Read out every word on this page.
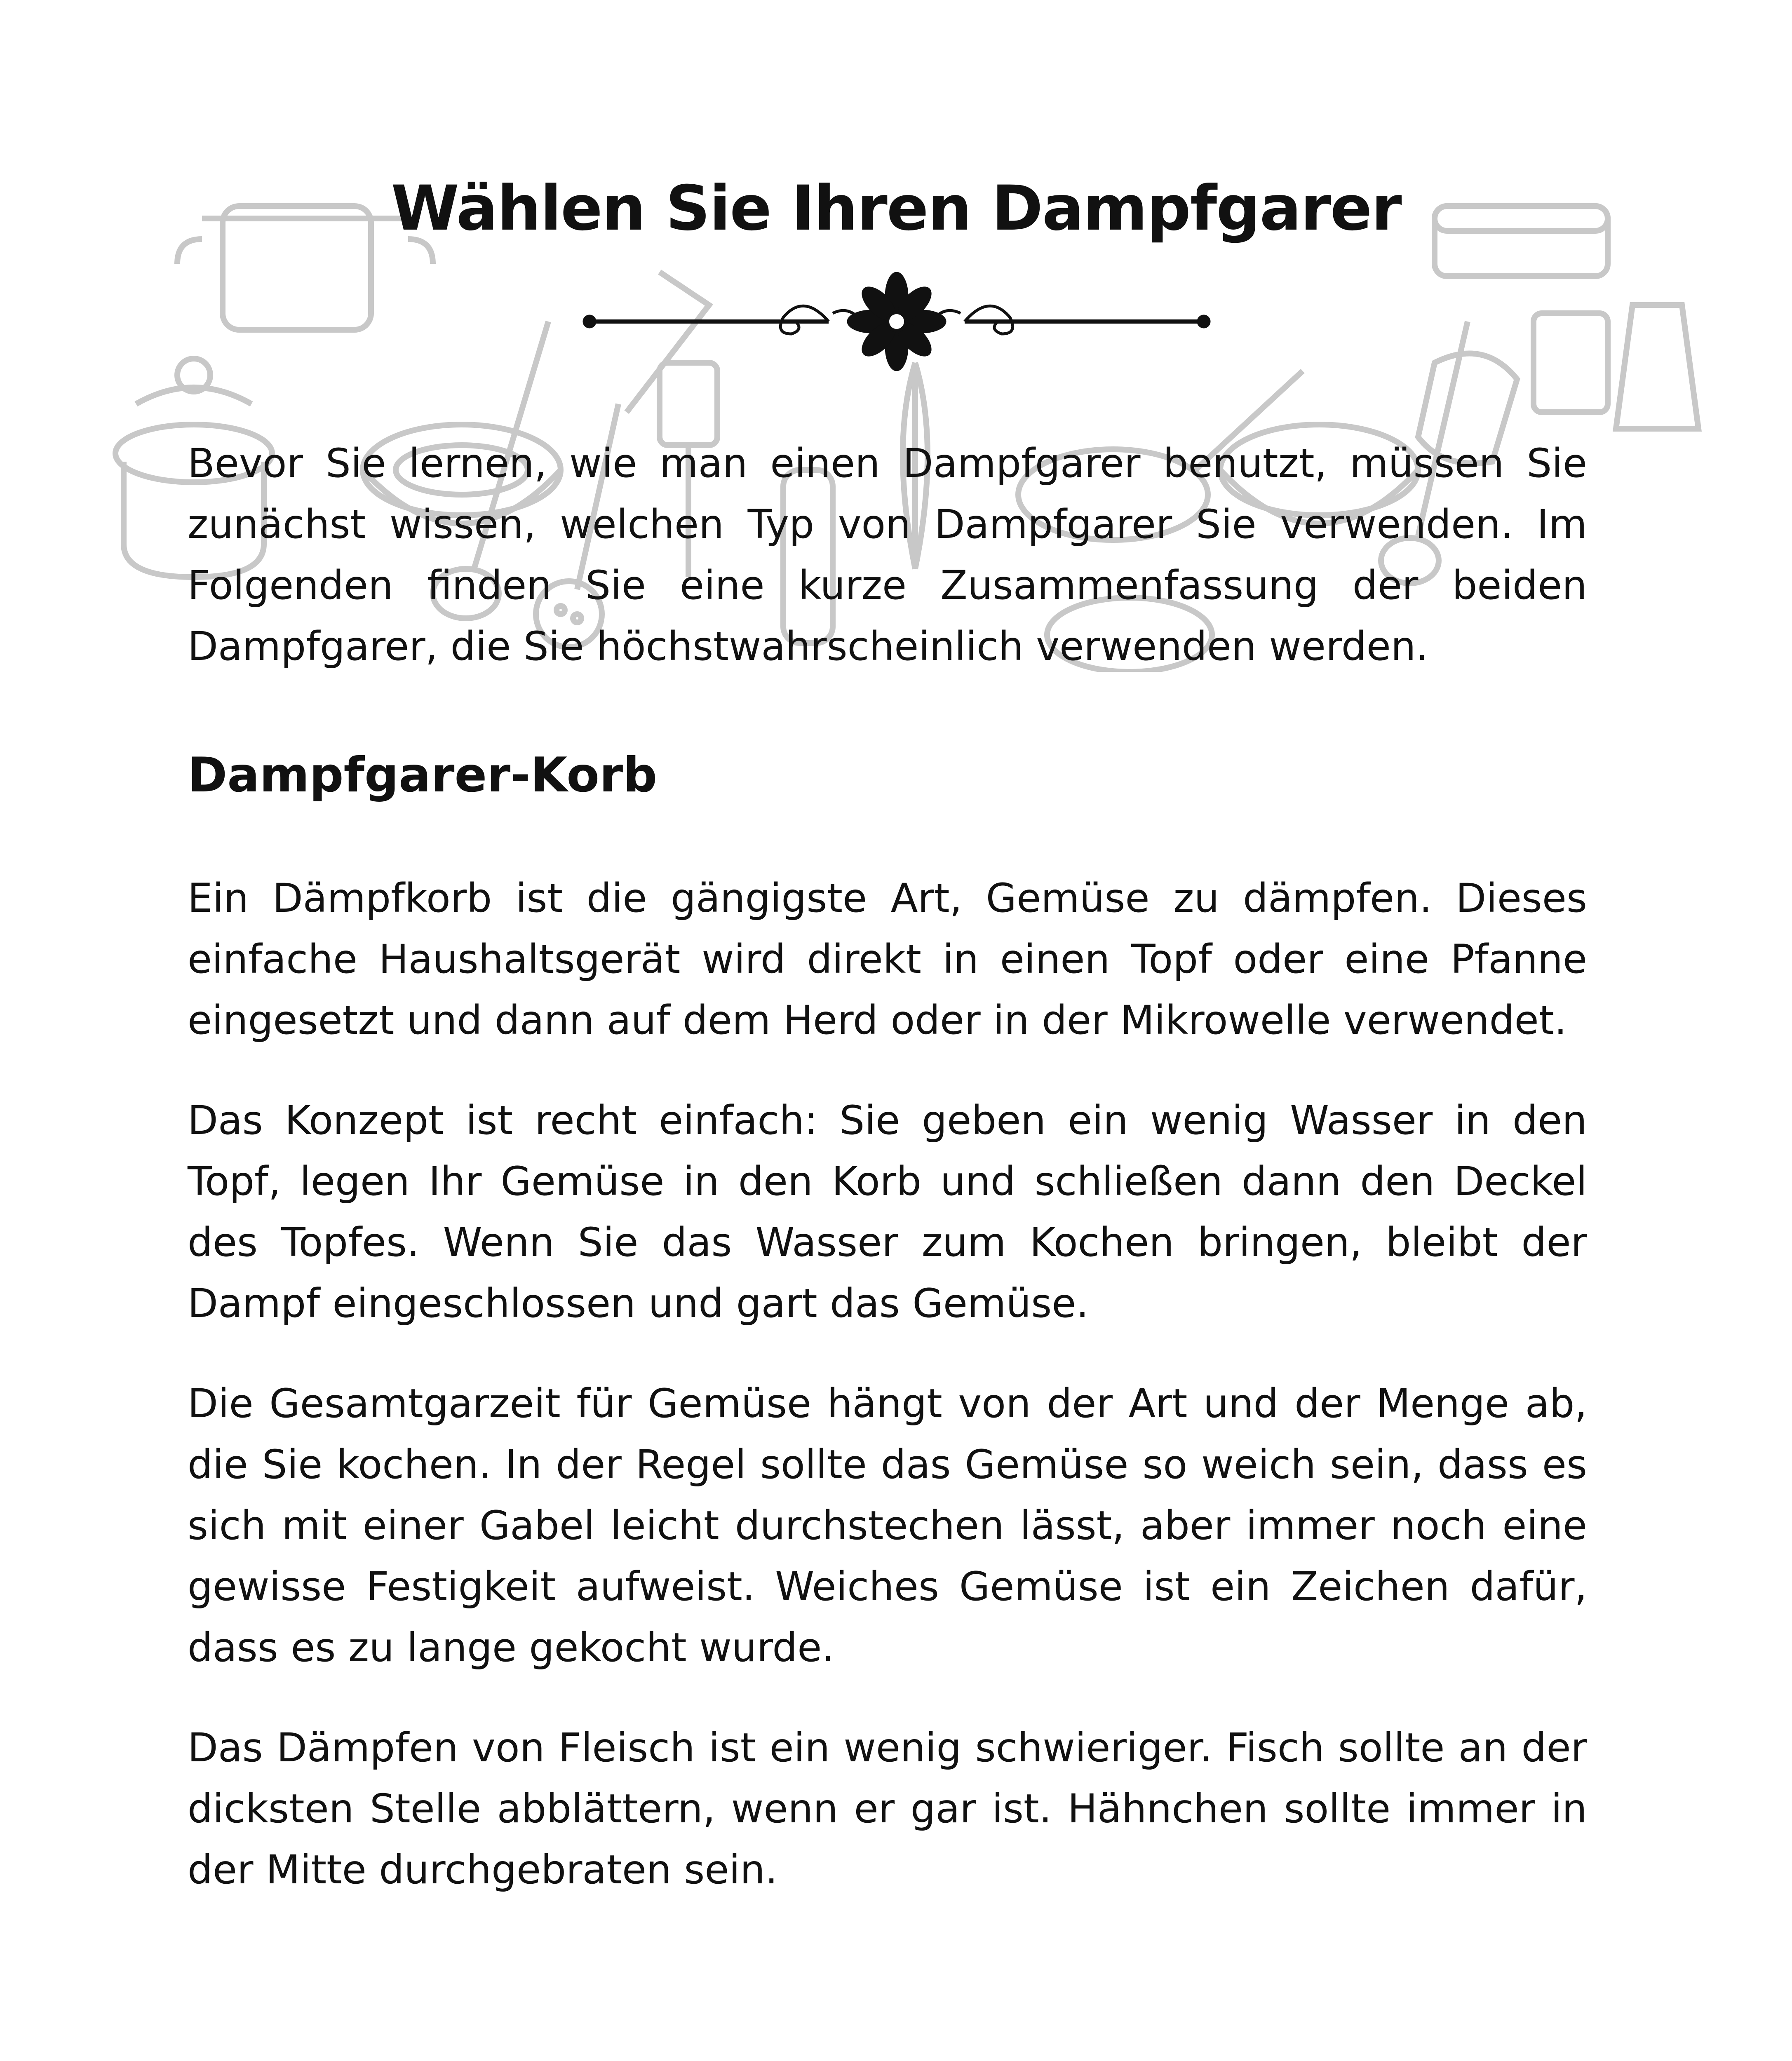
Wählen Sie Ihren Dampfgarer

Bevor Sie lernen, wie man einen Dampfgarer benutzt, müssen Sie zunächst wissen, welchen Typ von Dampfgarer Sie verwenden. Im Folgenden finden Sie eine kurze Zusammenfassung der beiden Dampfgarer, die Sie höchstwahrscheinlich verwenden werden.

Dampfgarer-Korb

Ein Dämpfkorb ist die gängigste Art, Gemüse zu dämpfen. Dieses einfache Haushaltsgerät wird direkt in einen Topf oder eine Pfanne eingesetzt und dann auf dem Herd oder in der Mikrowelle verwendet.

Das Konzept ist recht einfach: Sie geben ein wenig Wasser in den Topf, legen Ihr Gemüse in den Korb und schließen dann den Deckel des Topfes. Wenn Sie das Wasser zum Kochen bringen, bleibt der Dampf eingeschlossen und gart das Gemüse.

Die Gesamtgarzeit für Gemüse hängt von der Art und der Menge ab, die Sie kochen. In der Regel sollte das Gemüse so weich sein, dass es sich mit einer Gabel leicht durchstechen lässt, aber immer noch eine gewisse Festigkeit aufweist. Weiches Gemüse ist ein Zeichen dafür, dass es zu lange gekocht wurde.

Das Dämpfen von Fleisch ist ein wenig schwieriger. Fisch sollte an der dicksten Stelle abblättern, wenn er gar ist. Hähnchen sollte immer in der Mitte durchgebraten sein.
